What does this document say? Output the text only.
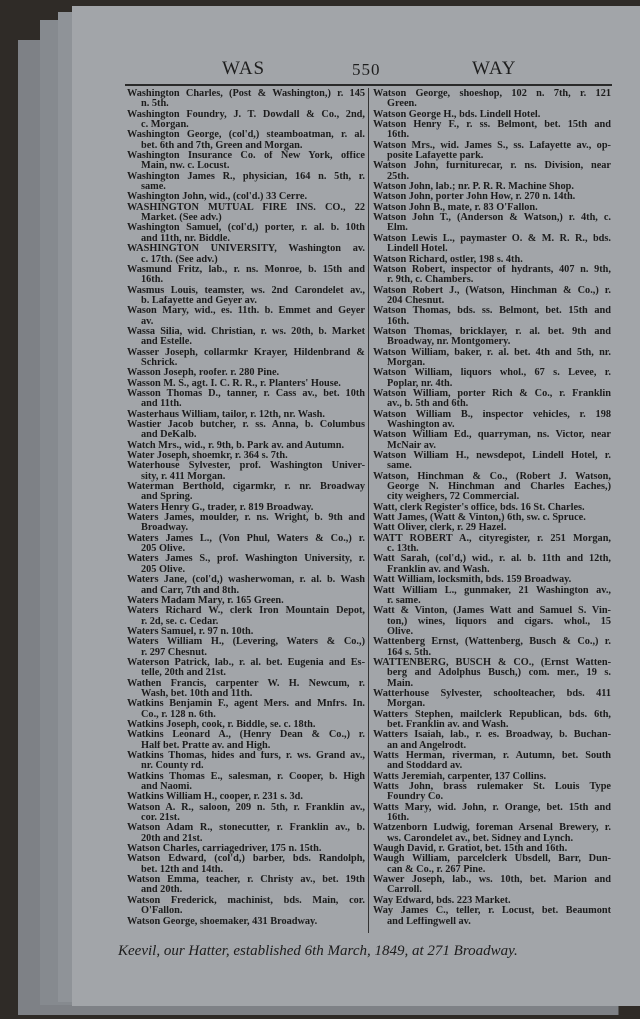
WAS	550	WAY
Washington Charles, (Post & Washington,) r. 145
n. 5th.
Washington Foundry, J. T. Dowdall & Co., 2nd,
c. Morgan.
Washington George, (col'd,) steamboatman, r. al.
bet. 6th and 7th, Green and Morgan.
Washington Insurance Co. of New York, office
Main, nw. c. Locust.
Washington James R., physician, 164 n. 5th, r.
same.
Washington John, wid., (col'd.) 33 Cerre.
WASHINGTON MUTUAL FIRE INS. CO., 22
Market. (See adv.)
Washington Samuel, (col'd,) porter, r. al. b. 10th
and 11th, nr. Biddle.
WASHINGTON UNIVERSITY, Washington av.
c. 17th. (See adv.)
Wasmund Fritz, lab., r. ns. Monroe, b. 15th and
16th.
Wasmus Louis, teamster, ws. 2nd Carondelet av.,
b. Lafayette and Geyer av.
Wason Mary, wid., es. 11th. b. Emmet and Geyer
av.
Wassa Silia, wid. Christian, r. ws. 20th, b. Market
and Estelle.
Wasser Joseph, collarmkr Krayer, Hildenbrand &
Schrick.
Wasson Joseph, roofer. r. 280 Pine.
Wasson M. S., agt. I. C. R. R., r. Planters' House.
Wasson Thomas D., tanner, r. Cass av., bet. 10th
and 11th.
Wasterhaus William, tailor, r. 12th, nr. Wash.
Wastier Jacob butcher, r. ss. Anna, b. Columbus
and DeKalb.
Watch Mrs., wid., r. 9th, b. Park av. and Autumn.
Water Joseph, shoemkr, r. 364 s. 7th.
Waterhouse Sylvester, prof. Washington Univer-
sity, r. 411 Morgan.
Waterman Berthold, cigarmkr, r. nr. Broadway
and Spring.
Waters Henry G., trader, r. 819 Broadway.
Waters James, moulder, r. ns. Wright, b. 9th and
Broadway.
Waters James L., (Von Phul, Waters & Co.,) r.
205 Olive.
Waters James S., prof. Washington University, r.
205 Olive.
Waters Jane, (col'd,) washerwoman, r. al. b. Wash
and Carr, 7th and 8th.
Waters Madam Mary, r. 165 Green.
Waters Richard W., clerk Iron Mountain Depot,
r. 2d, se. c. Cedar.
Waters Samuel, r. 97 n. 10th.
Waters William H., (Levering, Waters & Co.,)
r. 297 Chesnut.
Waterson Patrick, lab., r. al. bet. Eugenia and Es-
telle, 20th and 21st.
Wathen Francis, carpenter W. H. Newcum, r.
Wash, bet. 10th and 11th.
Watkins Benjamin F., agent Mers. and Mnfrs. In.
Co., r. 128 n. 6th.
Watkins Joseph, cook, r. Biddle, se. c. 18th.
Watkins Leonard A., (Henry Dean & Co.,) r.
Half bet. Pratte av. and High.
Watkins Thomas, hides and furs, r. ws. Grand av.,
nr. County rd.
Watkins Thomas E., salesman, r. Cooper, b. High
and Naomi.
Watkins William H., cooper, r. 231 s. 3d.
Watson A. R., saloon, 209 n. 5th, r. Franklin av.,
cor. 21st.
Watson Adam R., stonecutter, r. Franklin av., b.
20th and 21st.
Watson Charles, carriagedriver, 175 n. 15th.
Watson Edward, (col'd,) barber, bds. Randolph,
bet. 12th and 14th.
Watson Emma, teacher, r. Christy av., bet. 19th
and 20th.
Watson Frederick, machinist, bds. Main, cor.
O'Fallon.
Watson George, shoemaker, 431 Broadway.
Watson George, shoeshop, 102 n. 7th, r. 121
Green.
Watson George H., bds. Lindell Hotel.
Watson Henry F., r. ss. Belmont, bet. 15th and
16th.
Watson Mrs., wid. James S., ss. Lafayette av., op-
posite Lafayette park.
Watson John, furniturecar, r. ns. Division, near
25th.
Watson John, lab.; nr. P. R. R. Machine Shop.
Watson John, porter John How, r. 270 n. 14th.
Watson John B., mate, r. 83 O'Fallon.
Watson John T., (Anderson & Watson,) r. 4th, c.
Elm.
Watson Lewis L., paymaster O. & M. R. R., bds.
Lindell Hotel.
Watson Richard, ostler, 198 s. 4th.
Watson Robert, inspector of hydrants, 407 n. 9th,
r. 9th, c. Chambers.
Watson Robert J., (Watson, Hinchman & Co.,) r.
204 Chesnut.
Watson Thomas, bds. ss. Belmont, bet. 15th and
16th.
Watson Thomas, bricklayer, r. al. bet. 9th and
Broadway, nr. Montgomery.
Watson William, baker, r. al. bet. 4th and 5th, nr.
Morgan.
Watson William, liquors whol., 67 s. Levee, r.
Poplar, nr. 4th.
Watson William, porter Rich & Co., r. Franklin
av., b. 5th and 6th.
Watson William B., inspector vehicles, r. 198
Washington av.
Watson William Ed., quarryman, ns. Victor, near
McNair av.
Watson William H., newsdepot, Lindell Hotel, r.
same.
Watson, Hinchman & Co., (Robert J. Watson,
George N. Hinchman and Charles Eaches,)
city weighers, 72 Commercial.
Watt, clerk Register's office, bds. 16 St. Charles.
Watt James, (Watt & Vinton,) 6th, sw. c. Spruce.
Watt Oliver, clerk, r. 29 Hazel.
WATT ROBERT A., cityregister, r. 251 Morgan,
c. 13th.
Watt Sarah, (col'd,) wid., r. al. b. 11th and 12th,
Franklin av. and Wash.
Watt William, locksmith, bds. 159 Broadway.
Watt William L., gunmaker, 21 Washington av.,
r. same.
Watt & Vinton, (James Watt and Samuel S. Vin-
ton,) wines, liquors and cigars. whol., 15
Olive.
Wattenberg Ernst, (Wattenberg, Busch & Co.,) r.
164 s. 5th.
WATTENBERG, BUSCH & CO., (Ernst Watten-
berg and Adolphus Busch,) com. mer., 19 s.
Main.
Watterhouse Sylvester, schoolteacher, bds. 411
Morgan.
Watters Stephen, mailclerk Republican, bds. 6th,
bet. Franklin av. and Wash.
Watters Isaiah, lab., r. es. Broadway, b. Buchan-
an and Angelrodt.
Watts Herman, riverman, r. Autumn, bet. South
and Stoddard av.
Watts Jeremiah, carpenter, 137 Collins.
Watts John, brass rulemaker St. Louis Type
Foundry Co.
Watts Mary, wid. John, r. Orange, bet. 15th and
16th.
Watzenborn Ludwig, foreman Arsenal Brewery, r.
ws. Carondelet av., bet. Sidney and Lynch.
Waugh David, r. Gratiot, bet. 15th and 16th.
Waugh William, parcelclerk Ubsdell, Barr, Dun-
can & Co., r. 267 Pine.
Wawer Joseph, lab., ws. 10th, bet. Marion and
Carroll.
Way Edward, bds. 223 Market.
Way James C., teller, r. Locust, bet. Beaumont
and Leffingwell av.
Keevil, our Hatter, established 6th March, 1849, at 271 Broadway.
